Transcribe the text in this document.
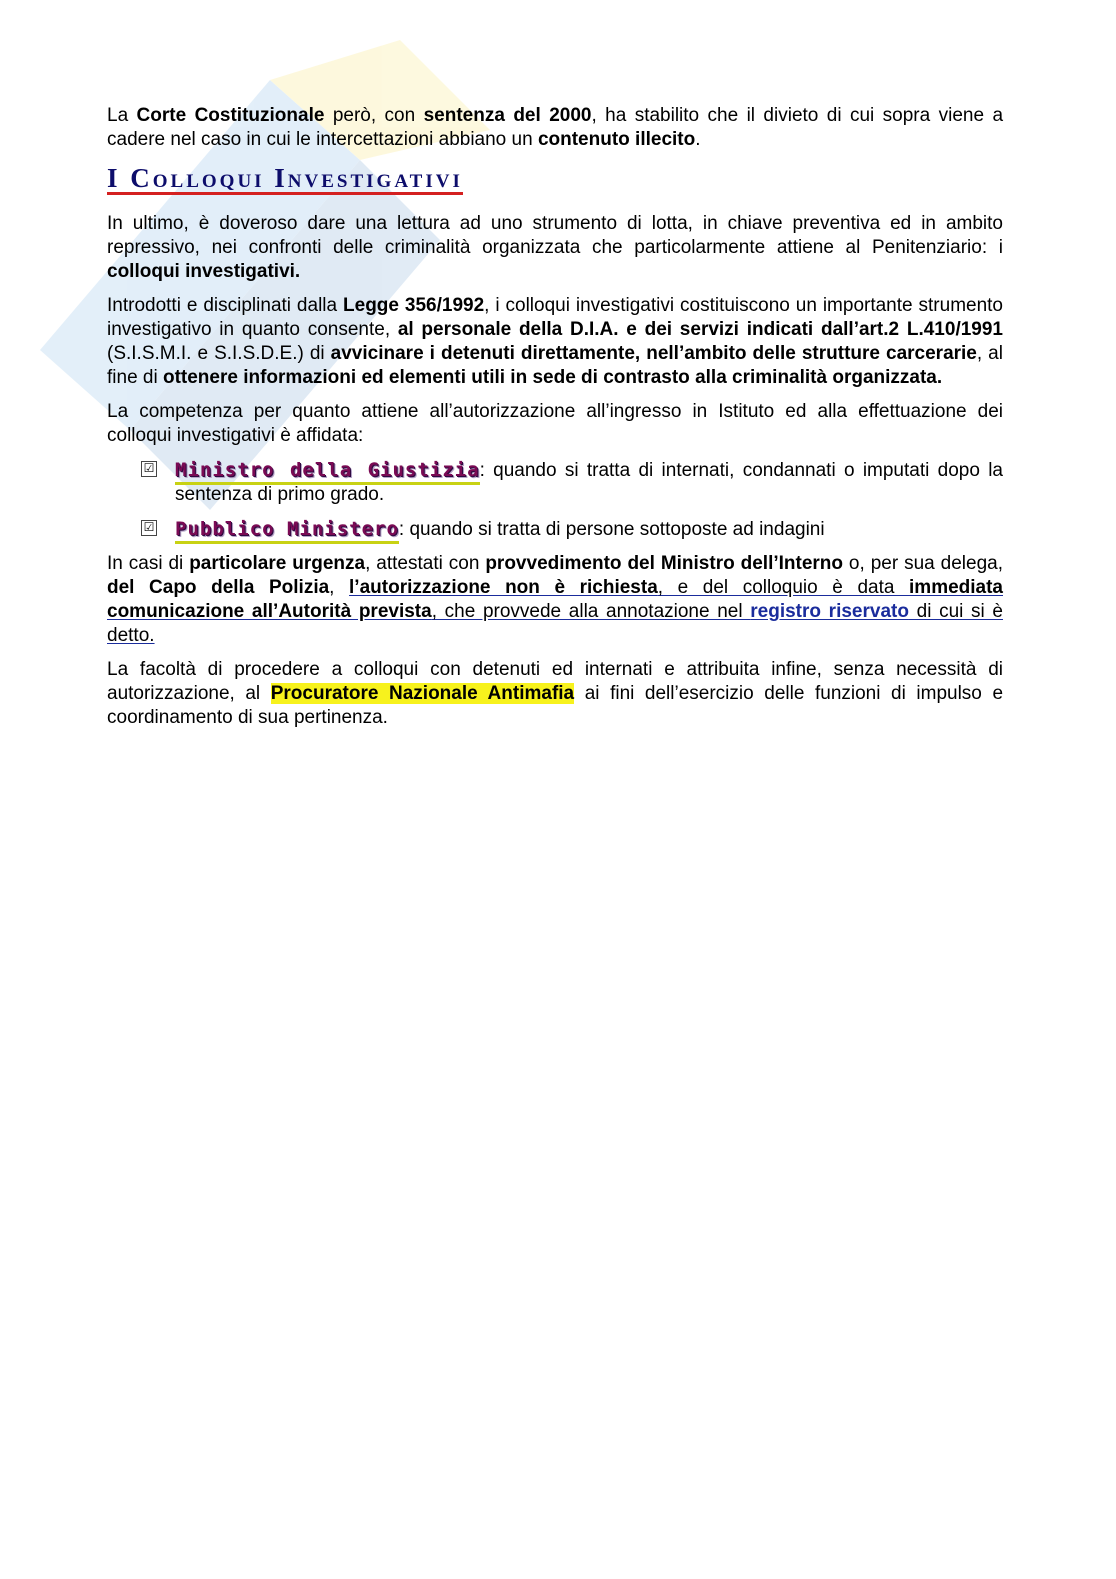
La Corte Costituzionale però, con sentenza del 2000, ha stabilito che il divieto di cui sopra viene a cadere nel caso in cui le intercettazioni abbiano un contenuto illecito.

I Colloqui Investigativi

In ultimo, è doveroso dare una lettura ad uno strumento di lotta, in chiave preventiva ed in ambito repressivo, nei confronti delle criminalità organizzata che particolarmente attiene al Penitenziario: i colloqui investigativi.

Introdotti e disciplinati dalla Legge 356/1992, i colloqui investigativi costituiscono un importante strumento investigativo in quanto consente, al personale della D.I.A. e dei servizi indicati dall’art.2 L.410/1991 (S.I.S.M.I. e S.I.S.D.E.) di avvicinare i detenuti direttamente, nell’ambito delle strutture carcerarie, al fine di ottenere informazioni ed elementi utili in sede di contrasto alla criminalità organizzata.

La competenza per quanto attiene all’autorizzazione all’ingresso in Istituto ed alla effettuazione dei colloqui investigativi è affidata:

☑ Ministro della Giustizia: quando si tratta di internati, condannati o imputati dopo la sentenza di primo grado.
☑ Pubblico Ministero: quando si tratta di persone sottoposte ad indagini

In casi di particolare urgenza, attestati con provvedimento del Ministro dell’Interno o, per sua delega, del Capo della Polizia, l’autorizzazione non è richiesta, e del colloquio è data immediata comunicazione all’Autorità prevista, che provvede alla annotazione nel registro riservato di cui si è detto.

La facoltà di procedere a colloqui con detenuti ed internati e attribuita infine, senza necessità di autorizzazione, al Procuratore Nazionale Antimafia ai fini dell’esercizio delle funzioni di impulso e coordinamento di sua pertinenza.
